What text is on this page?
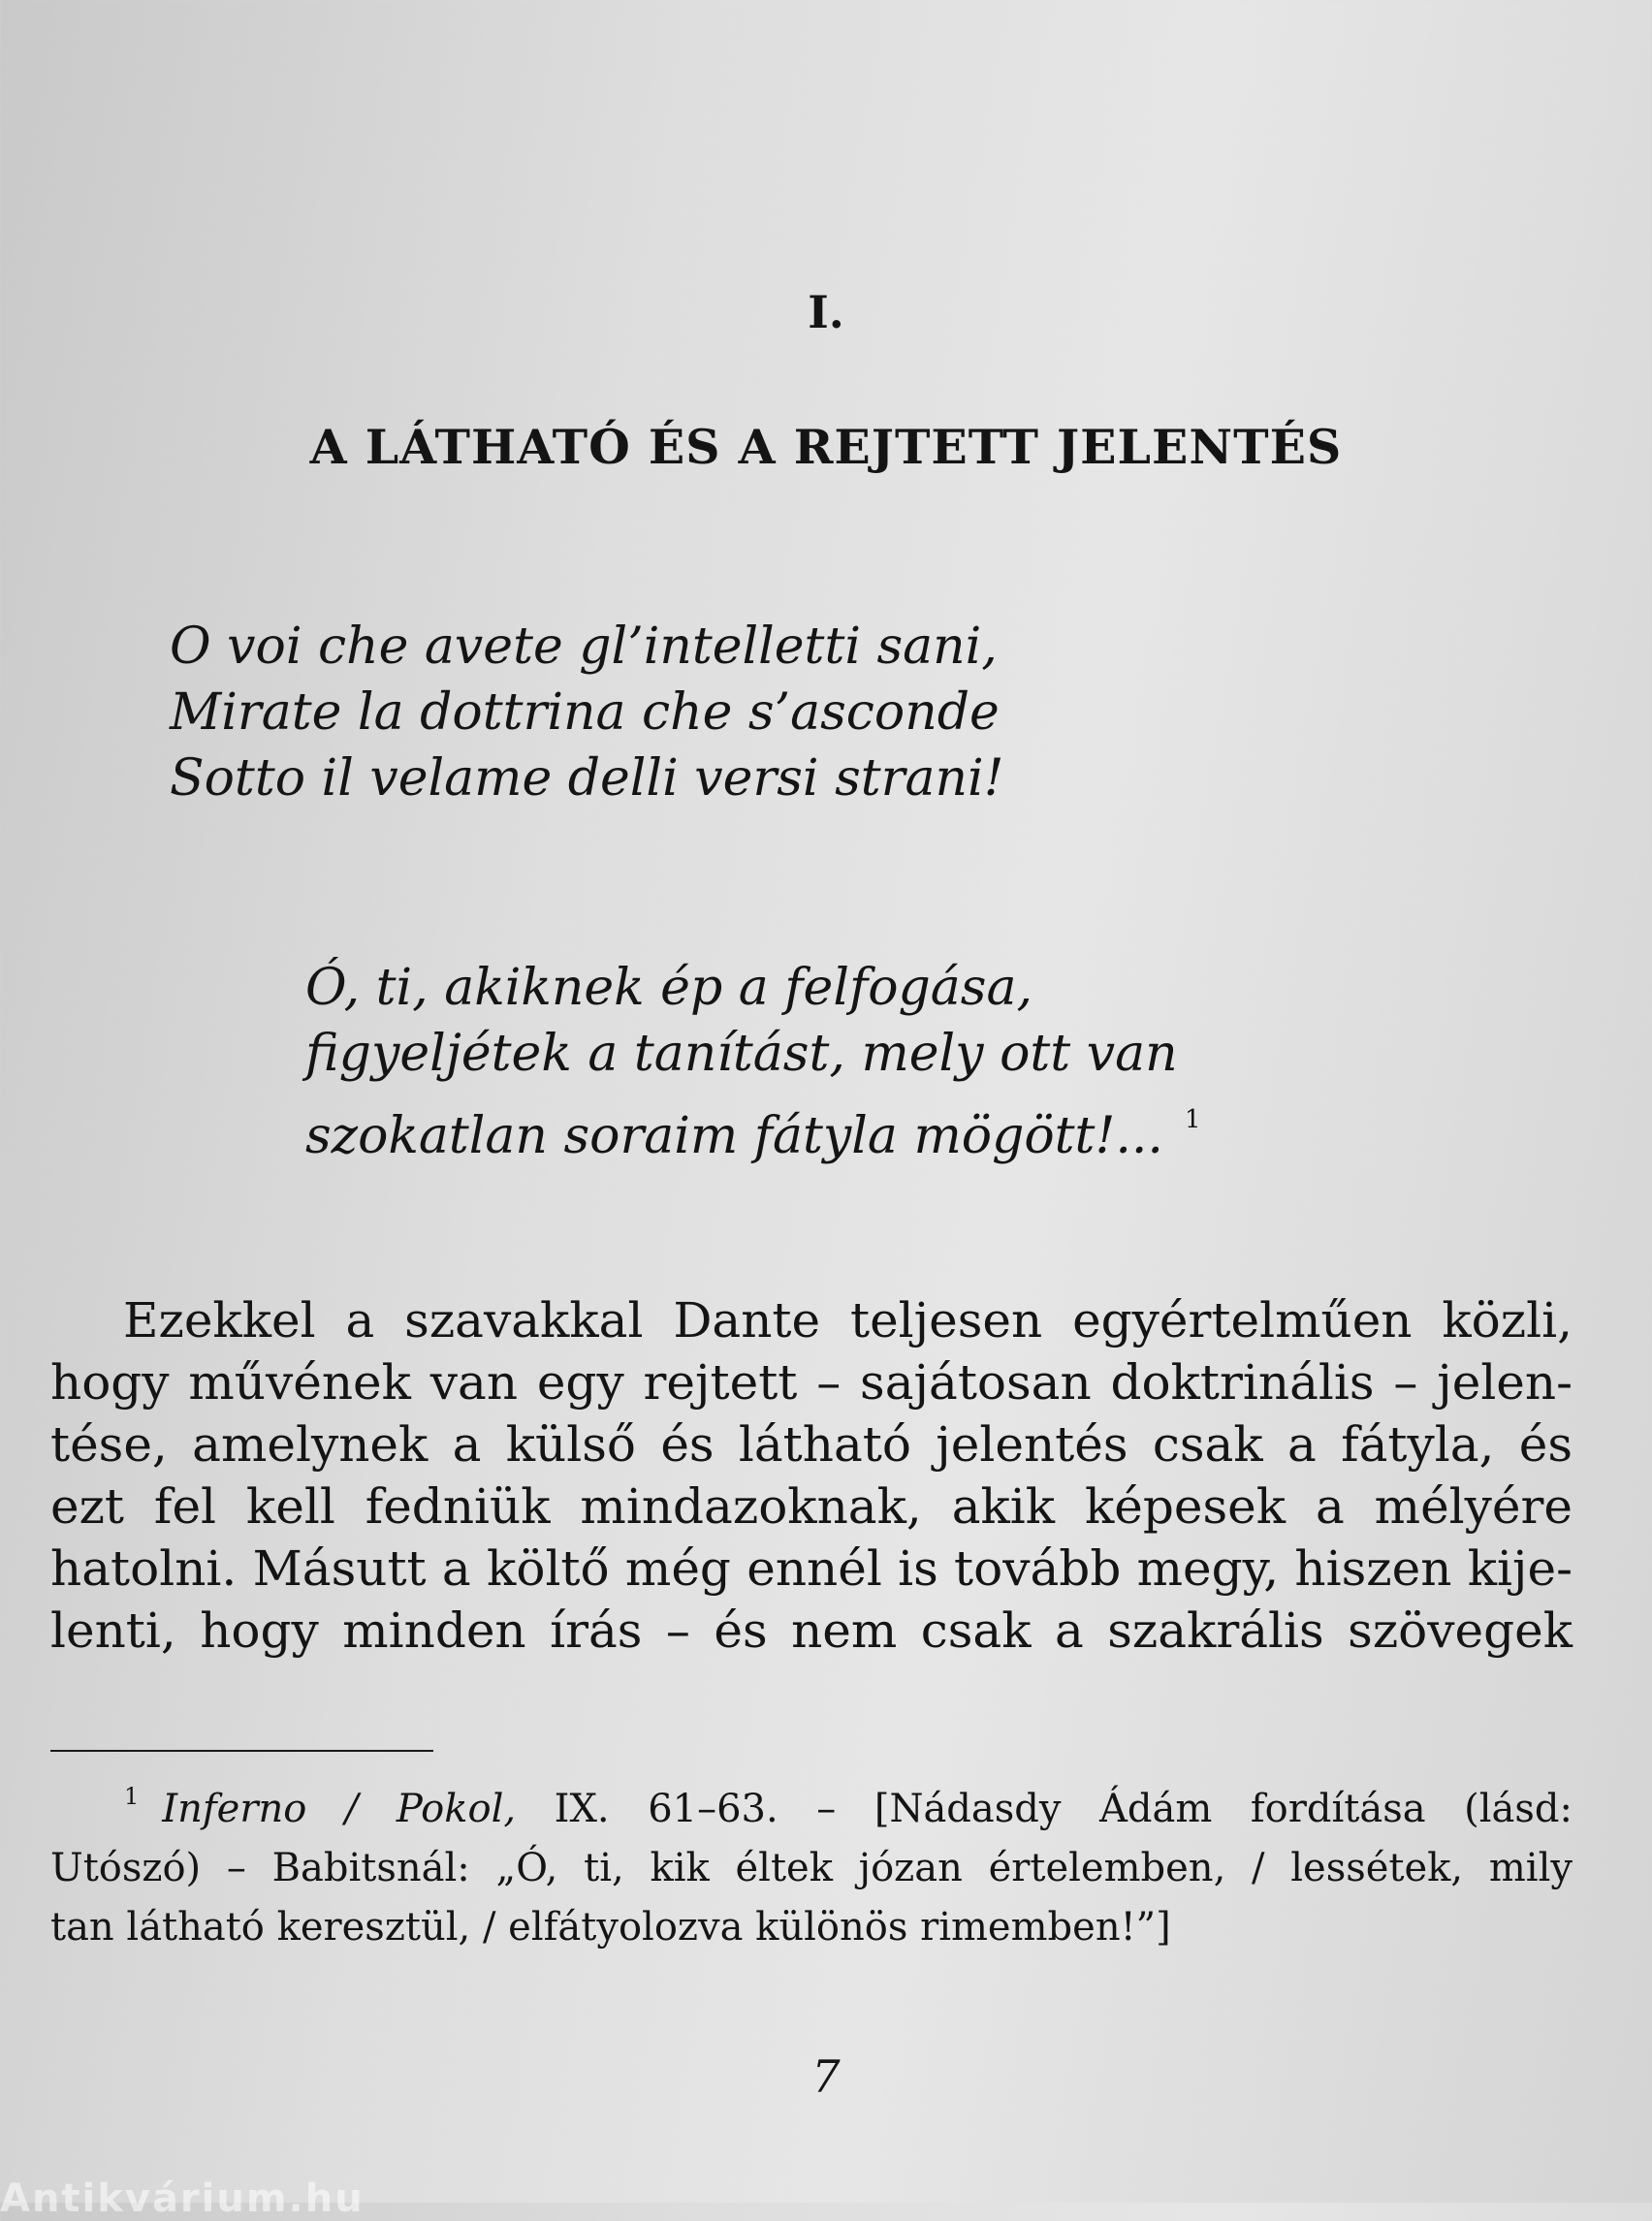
I.
A LÁTHATÓ ÉS A REJTETT JELENTÉS
O voi che avete gl’intelletti sani,
Mirate la dottrina che s’asconde
Sotto il velame delli versi strani!
Ó, ti, akiknek ép a felfogása,
figyeljétek a tanítást, mely ott van
szokatlan soraim fátyla mögött!... $^1$
Ezekkel a szavakkal Dante teljesen egyértelműen közli,
hogy művének van egy rejtett – sajátosan doktrinális – jelen-
tése, amelynek a külső és látható jelentés csak a fátyla, és
ezt fel kell fedniük mindazoknak, akik képesek a mélyére
hatolni. Másutt a költő még ennél is tovább megy, hiszen kije-
lenti, hogy minden írás – és nem csak a szakrális szövegek
$^1$ Inferno / Pokol, IX. 61–63. – [Nádasdy Ádám fordítása (lásd:
Utószó) – Babitsnál: „Ó, ti, kik éltek józan értelemben, / lessétek, mily
tan látható keresztül, / elfátyolozva különös rimemben!”]
7
Antikvárium.hu
